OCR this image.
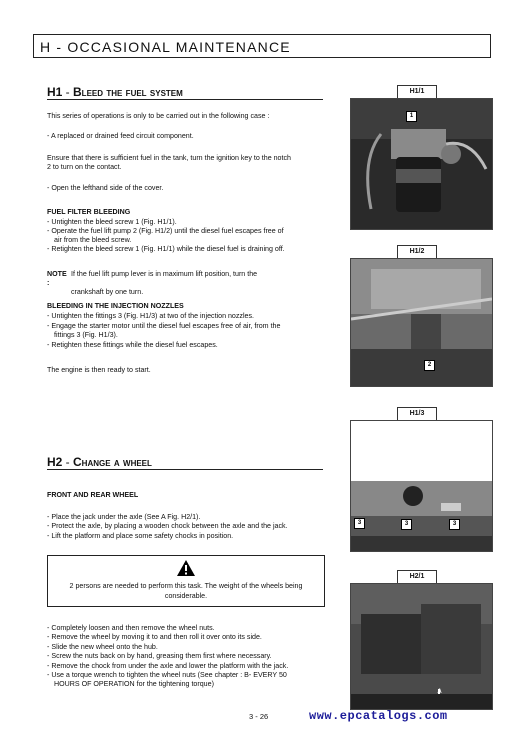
H - OCCASIONAL MAINTENANCE
H1 - Bleed the fuel system
This series of operations is only to be carried out in the following case :
- A replaced or drained feed circuit component.
Ensure that there is sufficient fuel in the tank, turn the ignition key to the notch
2 to turn on the contact.
- Open the lefthand side of the cover.
FUEL FILTER BLEEDING
- Untighten the bleed screw 1 (Fig. H1/1).
- Operate the fuel lift pump 2 (Fig. H1/2) until the diesel fuel escapes free of
air from the bleed screw.
- Retighten the bleed screw 1 (Fig. H1/1) while the diesel fuel is draining off.
NOTE :
If the fuel lift pump lever is in maximum lift position, turn the
crankshaft by one turn.
BLEEDING IN THE INJECTION NOZZLES
- Untighten the fittings 3 (Fig. H1/3) at two of the injection nozzles.
- Engage the starter motor until the diesel fuel escapes free of air, from the
fittings 3 (Fig. H1/3).
- Retighten these fittings while the diesel fuel escapes.
The engine is then ready to start.
H2 - Change a wheel
FRONT AND REAR WHEEL
- Place the jack under the axle (See A Fig. H2/1).
- Protect the axle, by placing a wooden chock between the axle and the jack.
- Lift the platform and place some safety chocks in position.
2 persons are needed to perform this task. The weight of the wheels being
considerable.
- Completely loosen and then remove the wheel nuts.
- Remove the wheel by moving it to and then roll it over onto its side.
- Slide the new wheel onto the hub.
- Screw the nuts back on by hand, greasing them first where necessary.
- Remove the chock from under the axle and lower the platform with the jack.
- Use a torque wrench to tighten the wheel nuts (See chapter : B- EVERY 50
HOURS OF OPERATION for the tightening torque)
H1/1
1
H1/2
2
H1/3
3	3	3
H2/1
A
3 - 26	www.epcatalogs.com
